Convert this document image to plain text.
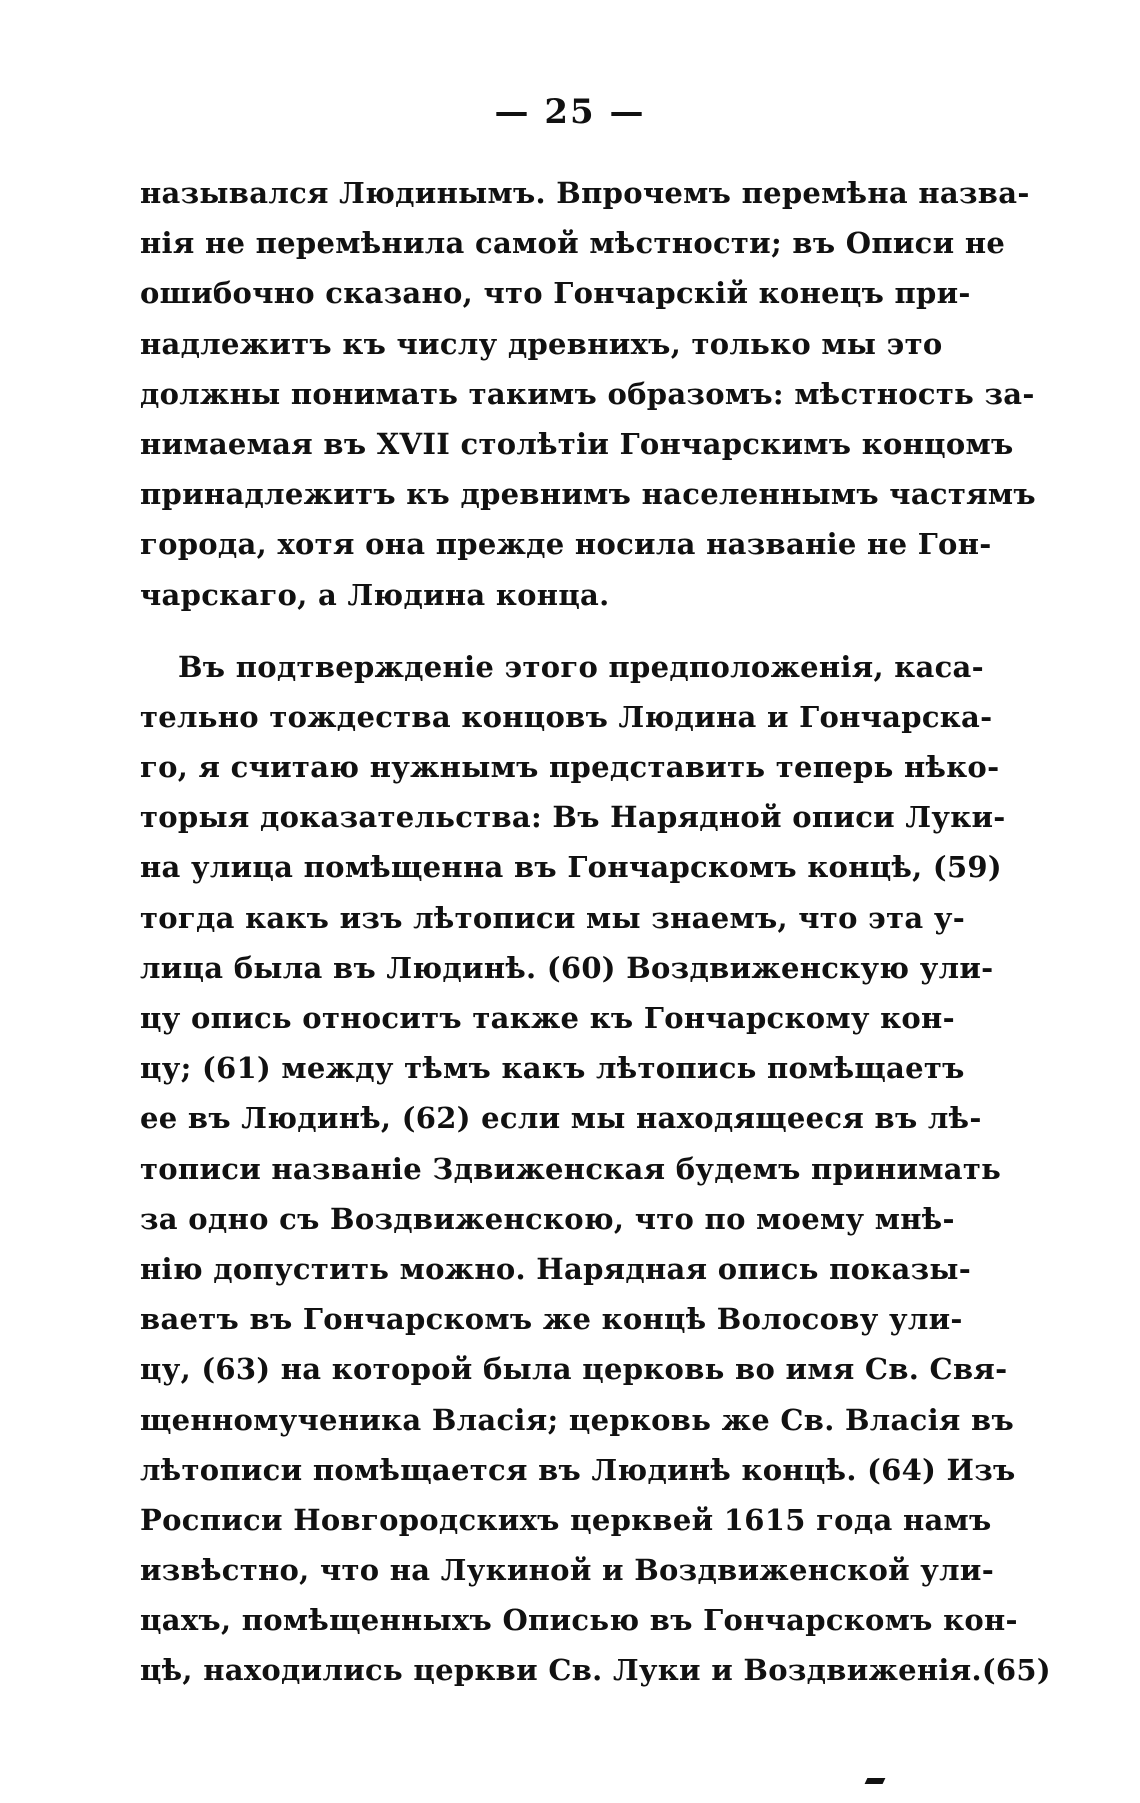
— 25 —
назывался Людинымъ. Впрочемъ перемѣна назва-
нія не перемѣнила самой мѣстности; въ Описи не
ошибочно сказано, что Гончарскій конецъ при-
надлежитъ къ числу древнихъ, только мы это
должны понимать такимъ образомъ: мѣстность за-
нимаемая въ XVII столѣтіи Гончарскимъ концомъ
принадлежитъ къ древнимъ населеннымъ частямъ
города, хотя она прежде носила названіе не Гон-
чарскаго, а Людина конца.
Въ подтвержденіе этого предположенія, каса-
тельно тождества концовъ Людина и Гончарска-
го, я считаю нужнымъ представить теперь нѣко-
торыя доказательства: Въ Нарядной описи Луки-
на улица помѣщенна въ Гончарскомъ концѣ, (59)
тогда какъ изъ лѣтописи мы знаемъ, что эта у-
лица была въ Людинѣ. (60) Воздвиженскую ули-
цу опись относитъ также къ Гончарскому кон-
цу; (61) между тѣмъ какъ лѣтопись помѣщаетъ
ее въ Людинѣ, (62) если мы находящееся въ лѣ-
тописи названіе Здвиженская будемъ принимать
за одно съ Воздвиженскою, что по моему мнѣ-
нію допустить можно. Нарядная опись показы-
ваетъ въ Гончарскомъ же концѣ Волосову ули-
цу, (63) на которой была церковь во имя Св. Свя-
щенномученика Власія; церковь же Св. Власія въ
лѣтописи помѣщается въ Людинѣ концѣ. (64) Изъ
Росписи Новгородскихъ церквей 1615 года намъ
извѣстно, что на Лукиной и Воздвиженской ули-
цахъ, помѣщенныхъ Описью въ Гончарскомъ кон-
цѣ, находились церкви Св. Луки и Воздвиженія.(65)
